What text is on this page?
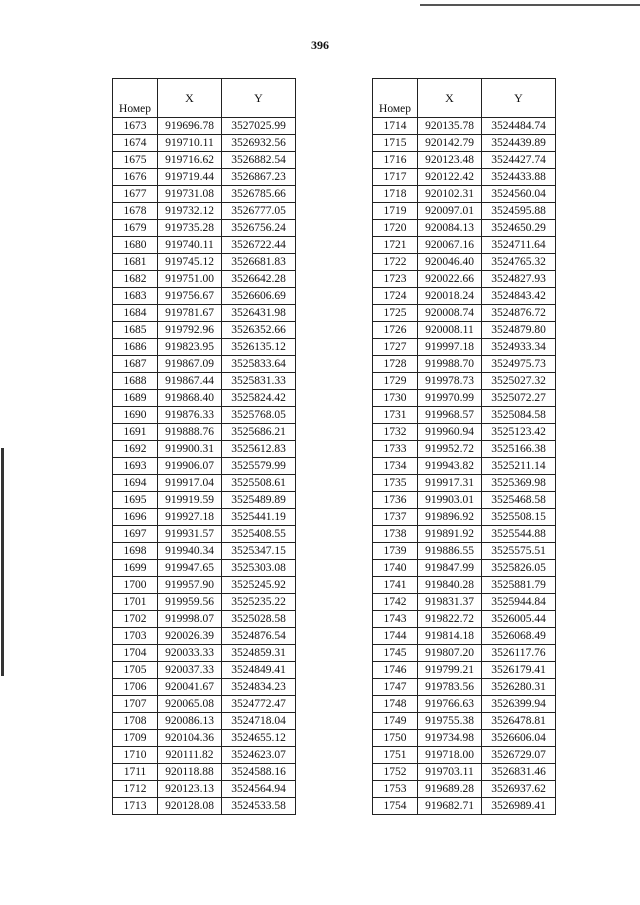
396
Номер	X	Y
1673	919696.78	3527025.99
1674	919710.11	3526932.56
1675	919716.62	3526882.54
1676	919719.44	3526867.23
1677	919731.08	3526785.66
1678	919732.12	3526777.05
1679	919735.28	3526756.24
1680	919740.11	3526722.44
1681	919745.12	3526681.83
1682	919751.00	3526642.28
1683	919756.67	3526606.69
1684	919781.67	3526431.98
1685	919792.96	3526352.66
1686	919823.95	3526135.12
1687	919867.09	3525833.64
1688	919867.44	3525831.33
1689	919868.40	3525824.42
1690	919876.33	3525768.05
1691	919888.76	3525686.21
1692	919900.31	3525612.83
1693	919906.07	3525579.99
1694	919917.04	3525508.61
1695	919919.59	3525489.89
1696	919927.18	3525441.19
1697	919931.57	3525408.55
1698	919940.34	3525347.15
1699	919947.65	3525303.08
1700	919957.90	3525245.92
1701	919959.56	3525235.22
1702	919998.07	3525028.58
1703	920026.39	3524876.54
1704	920033.33	3524859.31
1705	920037.33	3524849.41
1706	920041.67	3524834.23
1707	920065.08	3524772.47
1708	920086.13	3524718.04
1709	920104.36	3524655.12
1710	920111.82	3524623.07
1711	920118.88	3524588.16
1712	920123.13	3524564.94
1713	920128.08	3524533.58
Номер	X	Y
1714	920135.78	3524484.74
1715	920142.79	3524439.89
1716	920123.48	3524427.74
1717	920122.42	3524433.88
1718	920102.31	3524560.04
1719	920097.01	3524595.88
1720	920084.13	3524650.29
1721	920067.16	3524711.64
1722	920046.40	3524765.32
1723	920022.66	3524827.93
1724	920018.24	3524843.42
1725	920008.74	3524876.72
1726	920008.11	3524879.80
1727	919997.18	3524933.34
1728	919988.70	3524975.73
1729	919978.73	3525027.32
1730	919970.99	3525072.27
1731	919968.57	3525084.58
1732	919960.94	3525123.42
1733	919952.72	3525166.38
1734	919943.82	3525211.14
1735	919917.31	3525369.98
1736	919903.01	3525468.58
1737	919896.92	3525508.15
1738	919891.92	3525544.88
1739	919886.55	3525575.51
1740	919847.99	3525826.05
1741	919840.28	3525881.79
1742	919831.37	3525944.84
1743	919822.72	3526005.44
1744	919814.18	3526068.49
1745	919807.20	3526117.76
1746	919799.21	3526179.41
1747	919783.56	3526280.31
1748	919766.63	3526399.94
1749	919755.38	3526478.81
1750	919734.98	3526606.04
1751	919718.00	3526729.07
1752	919703.11	3526831.46
1753	919689.28	3526937.62
1754	919682.71	3526989.41
